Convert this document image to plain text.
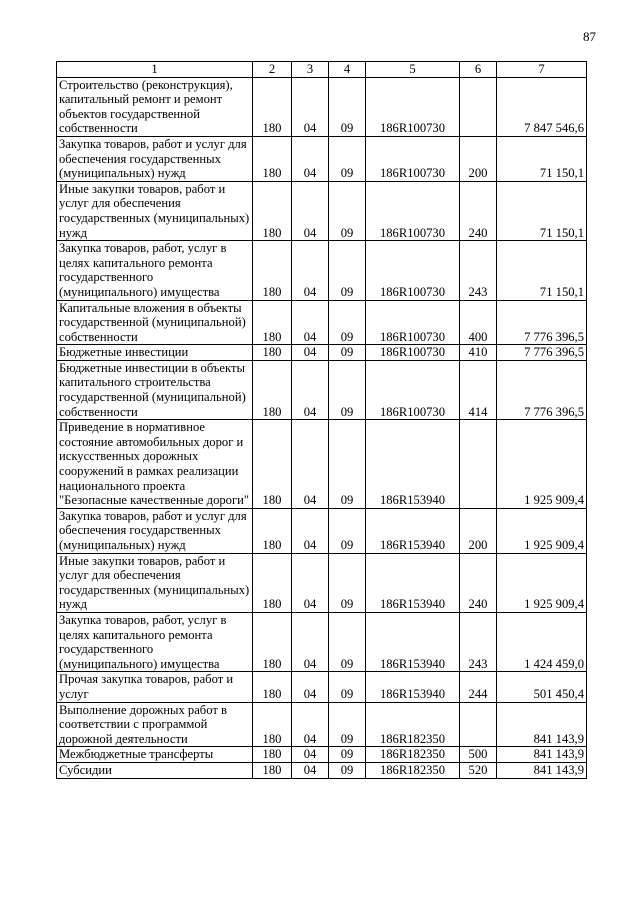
87
1	2	3	4	5	6	7
Строительство (реконструкция), капитальный ремонт и ремонт объектов государственной собственности	180	04	09	186R100730		7 847 546,6
Закупка товаров, работ и услуг для обеспечения государственных (муниципальных) нужд	180	04	09	186R100730	200	71 150,1
Иные закупки товаров, работ и услуг для обеспечения государственных (муниципальных) нужд	180	04	09	186R100730	240	71 150,1
Закупка товаров, работ, услуг в целях капитального ремонта государственного (муниципального) имущества	180	04	09	186R100730	243	71 150,1
Капитальные вложения в объекты государственной (муниципальной) собственности	180	04	09	186R100730	400	7 776 396,5
Бюджетные инвестиции	180	04	09	186R100730	410	7 776 396,5
Бюджетные инвестиции в объекты капитального строительства государственной (муниципальной) собственности	180	04	09	186R100730	414	7 776 396,5
Приведение в нормативное состояние автомобильных дорог и искусственных дорожных сооружений в рамках реализации национального проекта "Безопасные качественные дороги"	180	04	09	186R153940		1 925 909,4
Закупка товаров, работ и услуг для обеспечения государственных (муниципальных) нужд	180	04	09	186R153940	200	1 925 909,4
Иные закупки товаров, работ и услуг для обеспечения государственных (муниципальных) нужд	180	04	09	186R153940	240	1 925 909,4
Закупка товаров, работ, услуг в целях капитального ремонта государственного (муниципального) имущества	180	04	09	186R153940	243	1 424 459,0
Прочая закупка товаров, работ и услуг	180	04	09	186R153940	244	501 450,4
Выполнение дорожных работ в соответствии с программой дорожной деятельности	180	04	09	186R182350		841 143,9
Межбюджетные трансферты	180	04	09	186R182350	500	841 143,9
Субсидии	180	04	09	186R182350	520	841 143,9
